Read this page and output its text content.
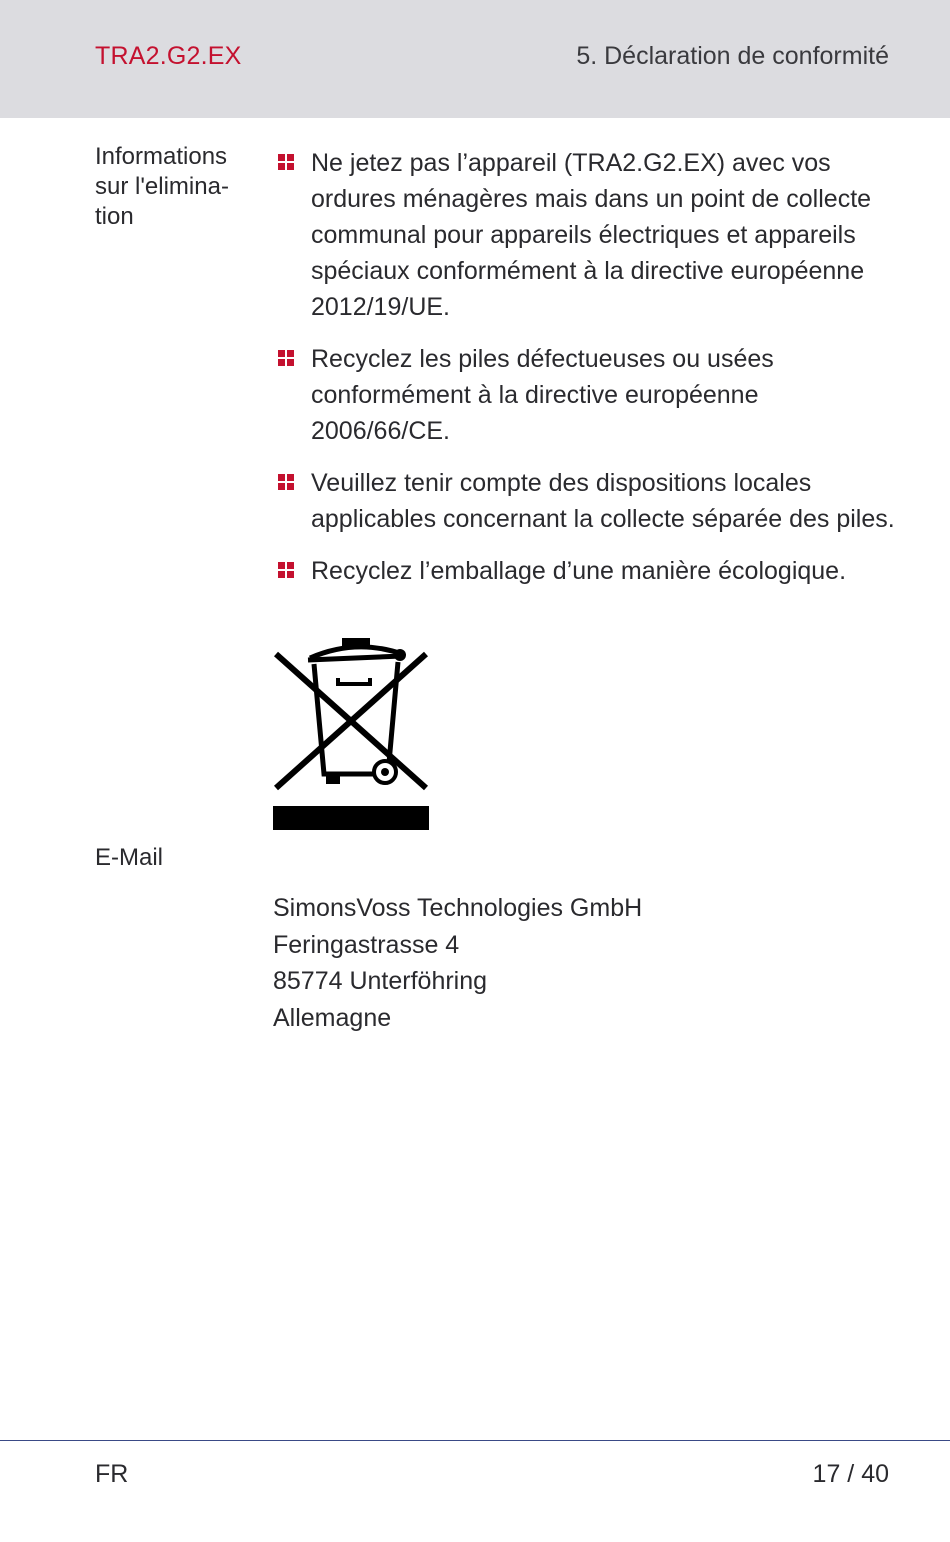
TRA2.G2.EX	5. Déclaration de conformité
Informations
sur l'elimina-
tion
Ne jetez pas l’appareil (TRA2.G2.EX) avec vos ordures ménagères mais dans un point de collecte communal pour appareils électriques et appareils spéciaux conformément à la directive européenne 2012/19/UE.
Recyclez les piles défectueuses ou usées conformément à la directive européenne 2006/66/CE.
Veuillez tenir compte des dispositions locales applicables concernant la collecte séparée des piles.
Recyclez l’emballage d’une manière écologique.
E-Mail
SimonsVoss Technologies GmbH
Feringastrasse 4
85774 Unterföhring
Allemagne
FR	17 / 40
